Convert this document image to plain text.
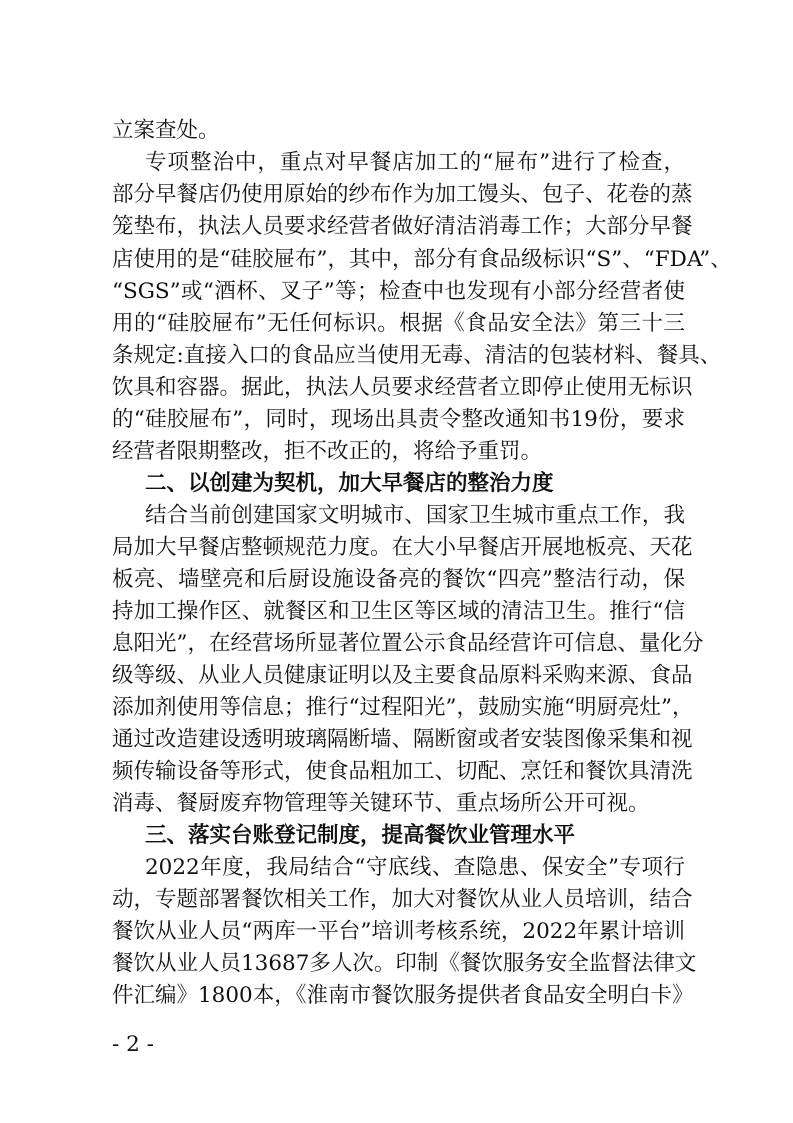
立案查处。
专项整治中，重点对早餐店加工的“屉布”进行了检查，
部分早餐店仍使用原始的纱布作为加工馒头、包子、花卷的蒸
笼垫布，执法人员要求经营者做好清洁消毒工作；大部分早餐
店使用的是“硅胶屉布”，其中，部分有食品级标识“S”、“FDA”、
“SGS”或“酒杯、叉子”等；检查中也发现有小部分经营者使
用的“硅胶屉布”无任何标识。根据《食品安全法》第三十三
条规定:直接入口的食品应当使用无毒、清洁的包装材料、餐具、
饮具和容器。据此，执法人员要求经营者立即停止使用无标识
的“硅胶屉布”，同时，现场出具责令整改通知书19份，要求
经营者限期整改，拒不改正的，将给予重罚。
二、以创建为契机，加大早餐店的整治力度
结合当前创建国家文明城市、国家卫生城市重点工作，我
局加大早餐店整顿规范力度。在大小早餐店开展地板亮、天花
板亮、墙壁亮和后厨设施设备亮的餐饮“四亮”整洁行动，保
持加工操作区、就餐区和卫生区等区域的清洁卫生。推行“信
息阳光”，在经营场所显著位置公示食品经营许可信息、量化分
级等级、从业人员健康证明以及主要食品原料采购来源、食品
添加剂使用等信息；推行“过程阳光”，鼓励实施“明厨亮灶”，
通过改造建设透明玻璃隔断墙、隔断窗或者安装图像采集和视
频传输设备等形式，使食品粗加工、切配、烹饪和餐饮具清洗
消毒、餐厨废弃物管理等关键环节、重点场所公开可视。
三、落实台账登记制度，提高餐饮业管理水平
2022年度，我局结合“守底线、查隐患、保安全”专项行
动，专题部署餐饮相关工作，加大对餐饮从业人员培训，结合
餐饮从业人员“两库一平台”培训考核系统，2022年累计培训
餐饮从业人员13687多人次。印制《餐饮服务安全监督法律文
件汇编》1800本，《淮南市餐饮服务提供者食品安全明白卡》
- 2 -
